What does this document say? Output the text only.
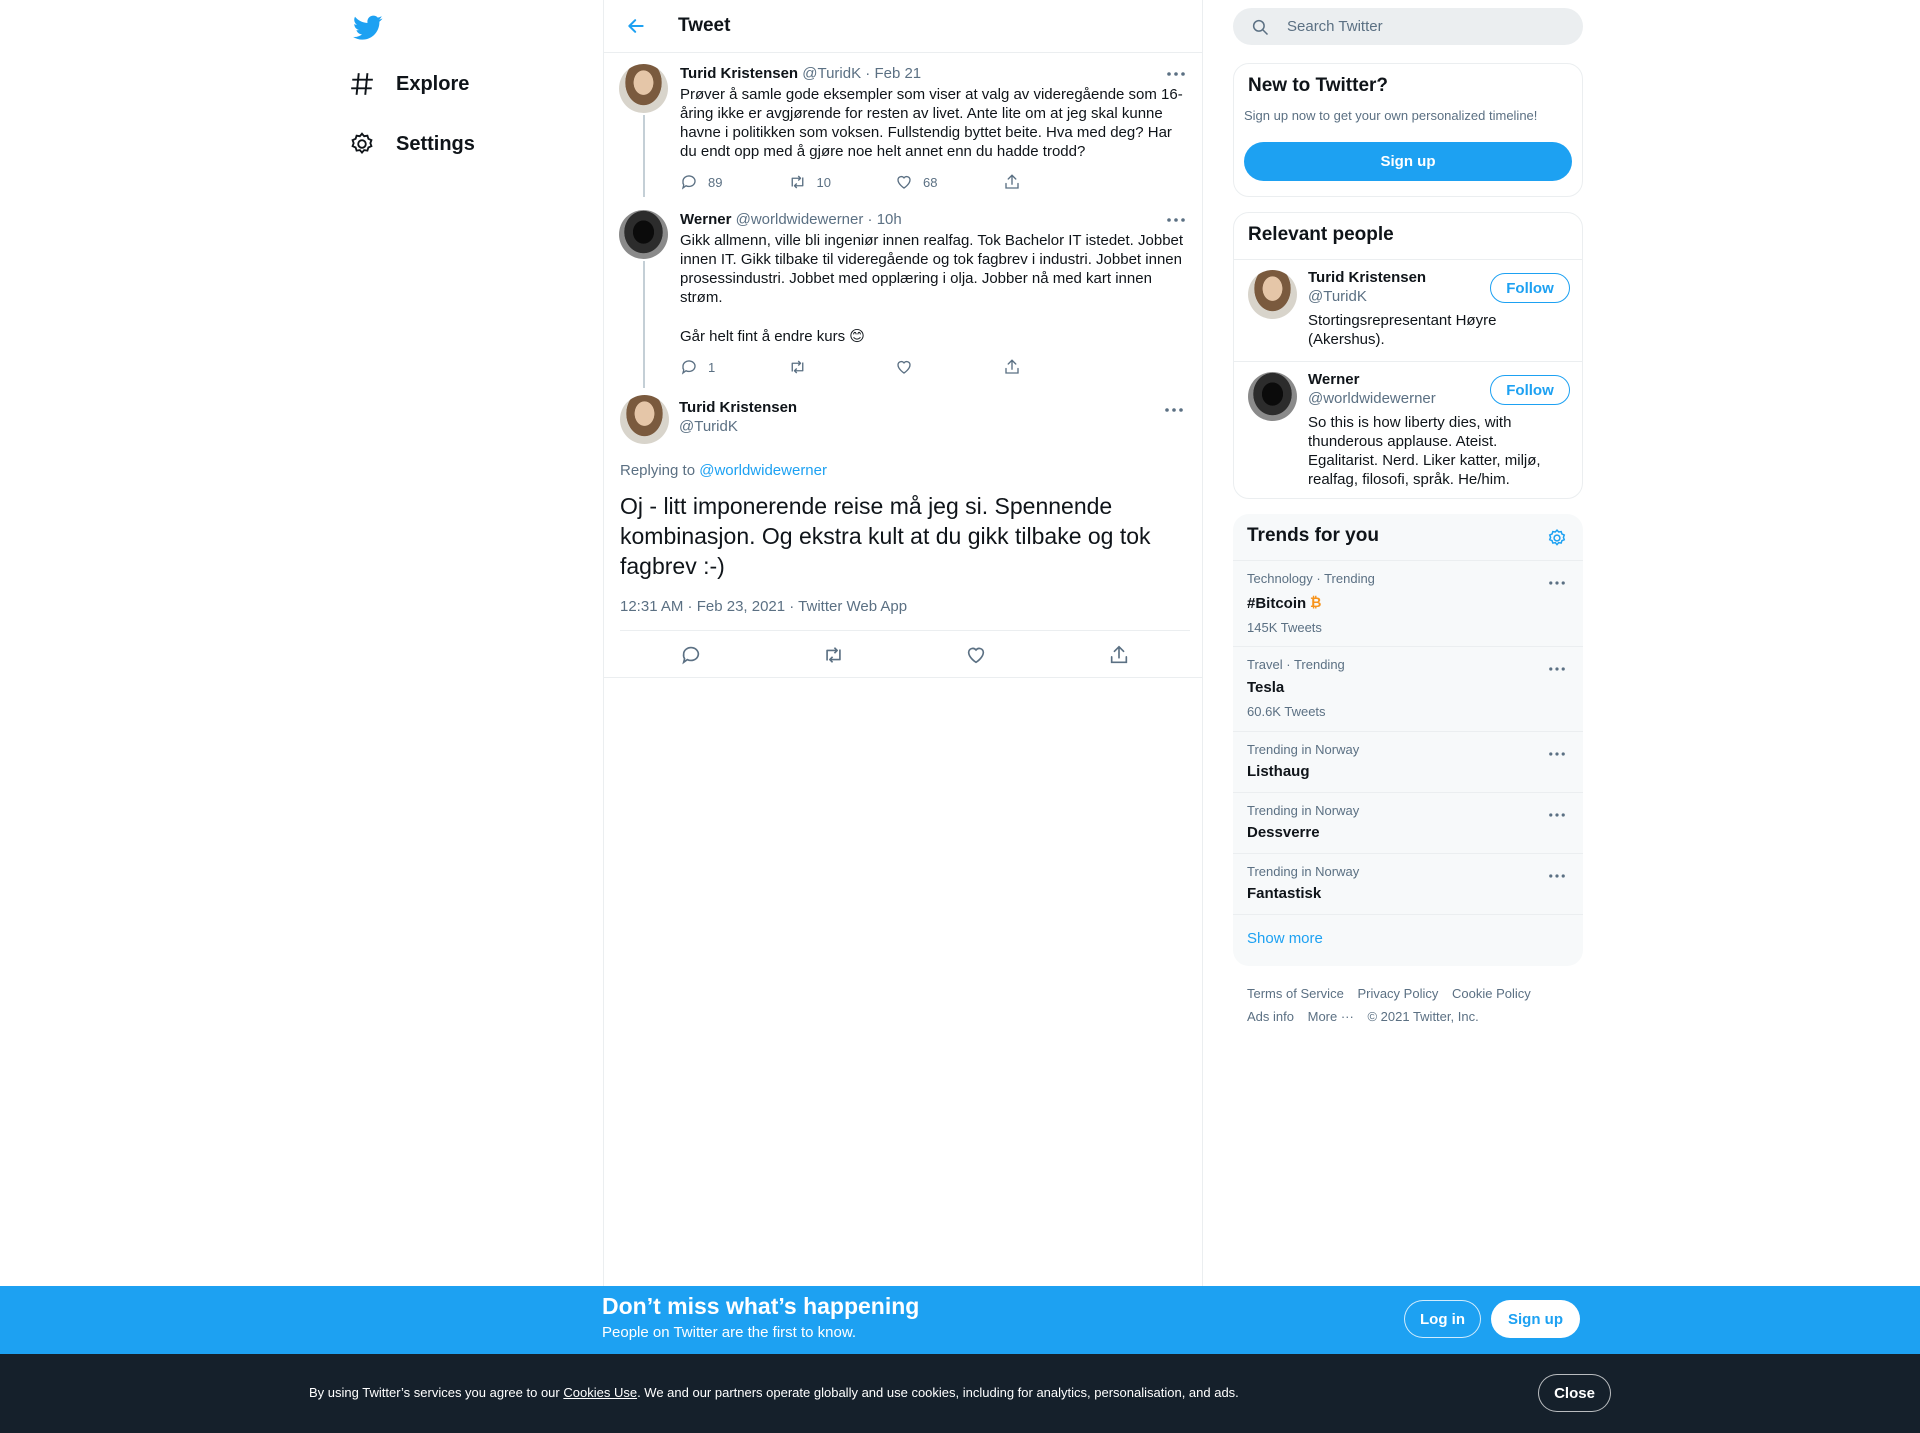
Explore
Settings
Tweet
Turid Kristensen @TuridK · Feb 21
Prøver å samle gode eksempler som viser at valg av videregående som 16-åring ikke er avgjørende for resten av livet. Ante lite om at jeg skal kunne havne i politikken som voksen. Fullstendig byttet beite. Hva med deg? Har du endt opp med å gjøre noe helt annet enn du hadde trodd?
89	10	68
Werner @worldwidewerner · 10h
Gikk allmenn, ville bli ingeniør innen realfag. Tok Bachelor IT istedet. Jobbet innen IT. Gikk tilbake til videregående og tok fagbrev i industri. Jobbet innen prosessindustri. Jobbet med opplæring i olja. Jobber nå med kart innen strøm.
Går helt fint å endre kurs 😊
1
Turid Kristensen
@TuridK
Replying to @worldwidewerner
Oj - litt imponerende reise må jeg si. Spennende kombinasjon. Og ekstra kult at du gikk tilbake og tok fagbrev :-)
12:31 AM · Feb 23, 2021 · Twitter Web App
Search Twitter
New to Twitter?
Sign up now to get your own personalized timeline!
Sign up
Relevant people
Turid Kristensen
@TuridK	Follow
Stortingsrepresentant Høyre (Akershus).
Werner
@worldwidewerner	Follow
So this is how liberty dies, with thunderous applause. Ateist. Egalitarist. Nerd. Liker katter, miljø, realfag, filosofi, språk. He/him.
Trends for you
Technology · Trending
#Bitcoin ₿
145K Tweets
Travel · Trending
Tesla
60.6K Tweets
Trending in Norway
Listhaug
Trending in Norway
Dessverre
Trending in Norway
Fantastisk
Show more
Terms of Service Privacy Policy Cookie Policy
Ads info More ··· © 2021 Twitter, Inc.
Don’t miss what’s happening
People on Twitter are the first to know.
Log in	Sign up
By using Twitter’s services you agree to our Cookies Use. We and our partners operate globally and use cookies, including for analytics, personalisation, and ads.	Close
